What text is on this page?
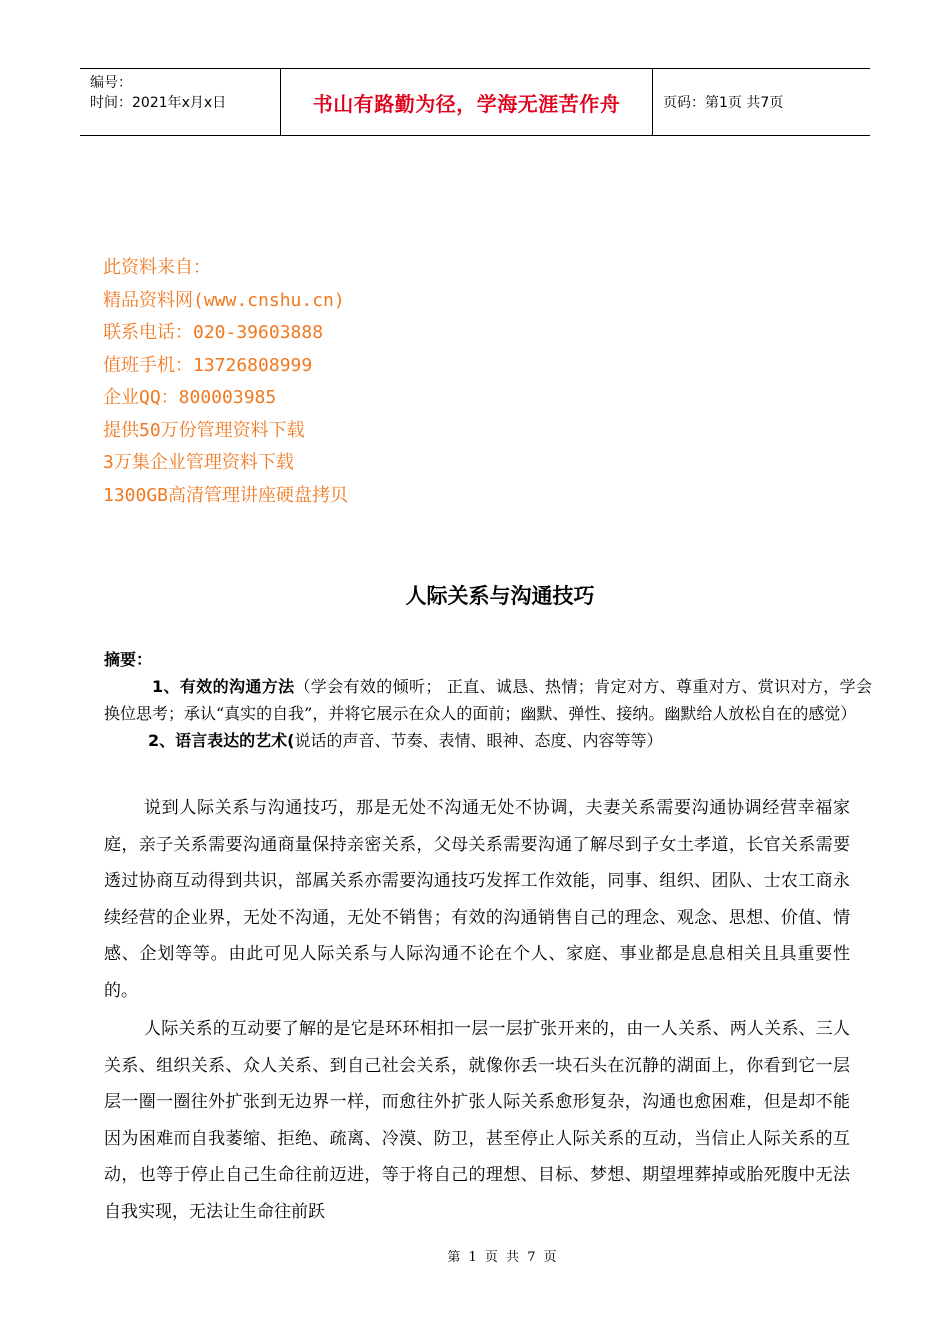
编号：
时间：2021年x月x日	书山有路勤为径，学海无涯苦作舟	页码：第1页 共7页
此资料来自：
精品资料网(www.cnshu.cn)
联系电话：020-39603888
值班手机：13726808999
企业QQ：800003985
提供50万份管理资料下载
3万集企业管理资料下载
1300GB高清管理讲座硬盘拷贝
人际关系与沟通技巧
摘要：
1、有效的沟通方法（学会有效的倾听； 正直、诚恳、热情；肯定对方、尊重对方、赏识对方，学会换位思考；承认“真实的自我”，并将它展示在众人的面前；幽默、弹性、接纳。幽默给人放松自在的感觉）
2、语言表达的艺术(说话的声音、节奏、表情、眼神、态度、内容等等）

说到人际关系与沟通技巧，那是无处不沟通无处不协调，夫妻关系需要沟通协调经营幸福家庭，亲子关系需要沟通商量保持亲密关系，父母关系需要沟通了解尽到子女土孝道，长官关系需要透过协商互动得到共识，部属关系亦需要沟通技巧发挥工作效能，同事、组织、团队、士农工商永续经营的企业界，无处不沟通，无处不销售；有效的沟通销售自己的理念、观念、思想、价值、情感、企划等等。由此可见人际关系与人际沟通不论在个人、家庭、事业都是息息相关且具重要性的。

人际关系的互动要了解的是它是环环相扣一层一层扩张开来的，由一人关系、两人关系、三人关系、组织关系、众人关系、到自己社会关系，就像你丢一块石头在沉静的湖面上，你看到它一层层一圈一圈往外扩张到无边界一样，而愈往外扩张人际关系愈形复杂，沟通也愈困难，但是却不能因为困难而自我萎缩、拒绝、疏离、冷漠、防卫，甚至停止人际关系的互动，当信止人际关系的互动，也等于停止自己生命往前迈进，等于将自己的理想、目标、梦想、期望埋葬掉或胎死腹中无法自我实现，无法让生命往前跃

第 1 页 共 7 页
